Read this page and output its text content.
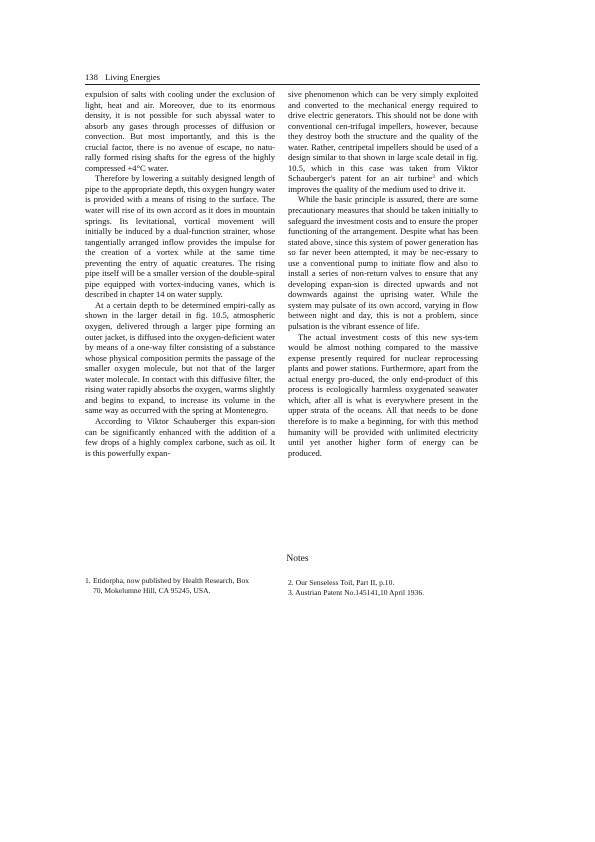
138 Living Energies

expulsion of salts with cooling under the exclusion of light, heat and air. Moreover, due to its enormous density, it is not possible for such abyssal water to absorb any gases through processes of diffusion or convection. But most importantly, and this is the crucial factor, there is no avenue of escape, no natu-rally formed rising shafts for the egress of the highly compressed +4°C water.

Therefore by lowering a suitably designed length of pipe to the appropriate depth, this oxygen hungry water is provided with a means of rising to the surface. The water will rise of its own accord as it does in mountain springs. Its levitational, vortical movement will initially be induced by a dual-function strainer, whose tangentially arranged inflow provides the impulse for the creation of a vortex while at the same time preventing the entry of aquatic creatures. The rising pipe itself will be a smaller version of the double-spiral pipe equipped with vortex-inducing vanes, which is described in chapter 14 on water supply.

At a certain depth to be determined empiri-cally as shown in the larger detail in fig. 10.5, atmospheric oxygen, delivered through a larger pipe forming an outer jacket, is diffused into the oxygen-deficient water by means of a one-way filter consisting of a substance whose physical composition permits the passage of the smaller oxygen molecule, but not that of the larger water molecule. In contact with this diffusive filter, the rising water rapidly absorbs the oxygen, warms slightly and begins to expand, to increase its volume in the same way as occurred with the spring at Montenegro.

According to Viktor Schauberger this expan-sion can be significantly enhanced with the addition of a few drops of a highly complex carbone, such as oil. It is this powerfully expan-

sive phenomenon which can be very simply exploited and converted to the mechanical energy required to drive electric generators. This should not be done with conventional cen-trifugal impellers, however, because they destroy both the structure and the quality of the water. Rather, centripetal impellers should be used of a design similar to that shown in large scale detail in fig. 10.5, which in this case was taken from Viktor Schauberger's patent for an air turbine$^3$ and which improves the quality of the medium used to drive it.

While the basic principle is assured, there are some precautionary measures that should be taken initially to safeguard the investment costs and to ensure the proper functioning of the arrangement. Despite what has been stated above, since this system of power generation has so far never been attempted, it may be nec-essary to use a conventional pump to initiate flow and also to install a series of non-return valves to ensure that any developing expan-sion is directed upwards and not downwards against the uprising water. While the system may pulsate of its own accord, varying in flow between night and day, this is not a problem, since pulsation is the vibrant essence of life.

The actual investment costs of this new sys-tem would be almost nothing compared to the massive expense presently required for nuclear reprocessing plants and power stations. Furthermore, apart from the actual energy pro-duced, the only end-product of this process is ecologically harmless oxygenated seawater which, after all is what is everywhere present in the upper strata of the oceans. All that needs to be done therefore is to make a beginning, for with this method humanity will be provided with unlimited electricity until yet another higher form of energy can be produced.

Notes
1. Etidorpha, now published by Health Research, Box
70, Mokelumne Hill, CA 95245, USA.
2. Our Senseless Toil, Part II, p.10.
3. Austrian Patent No.145141,10 April 1936.
